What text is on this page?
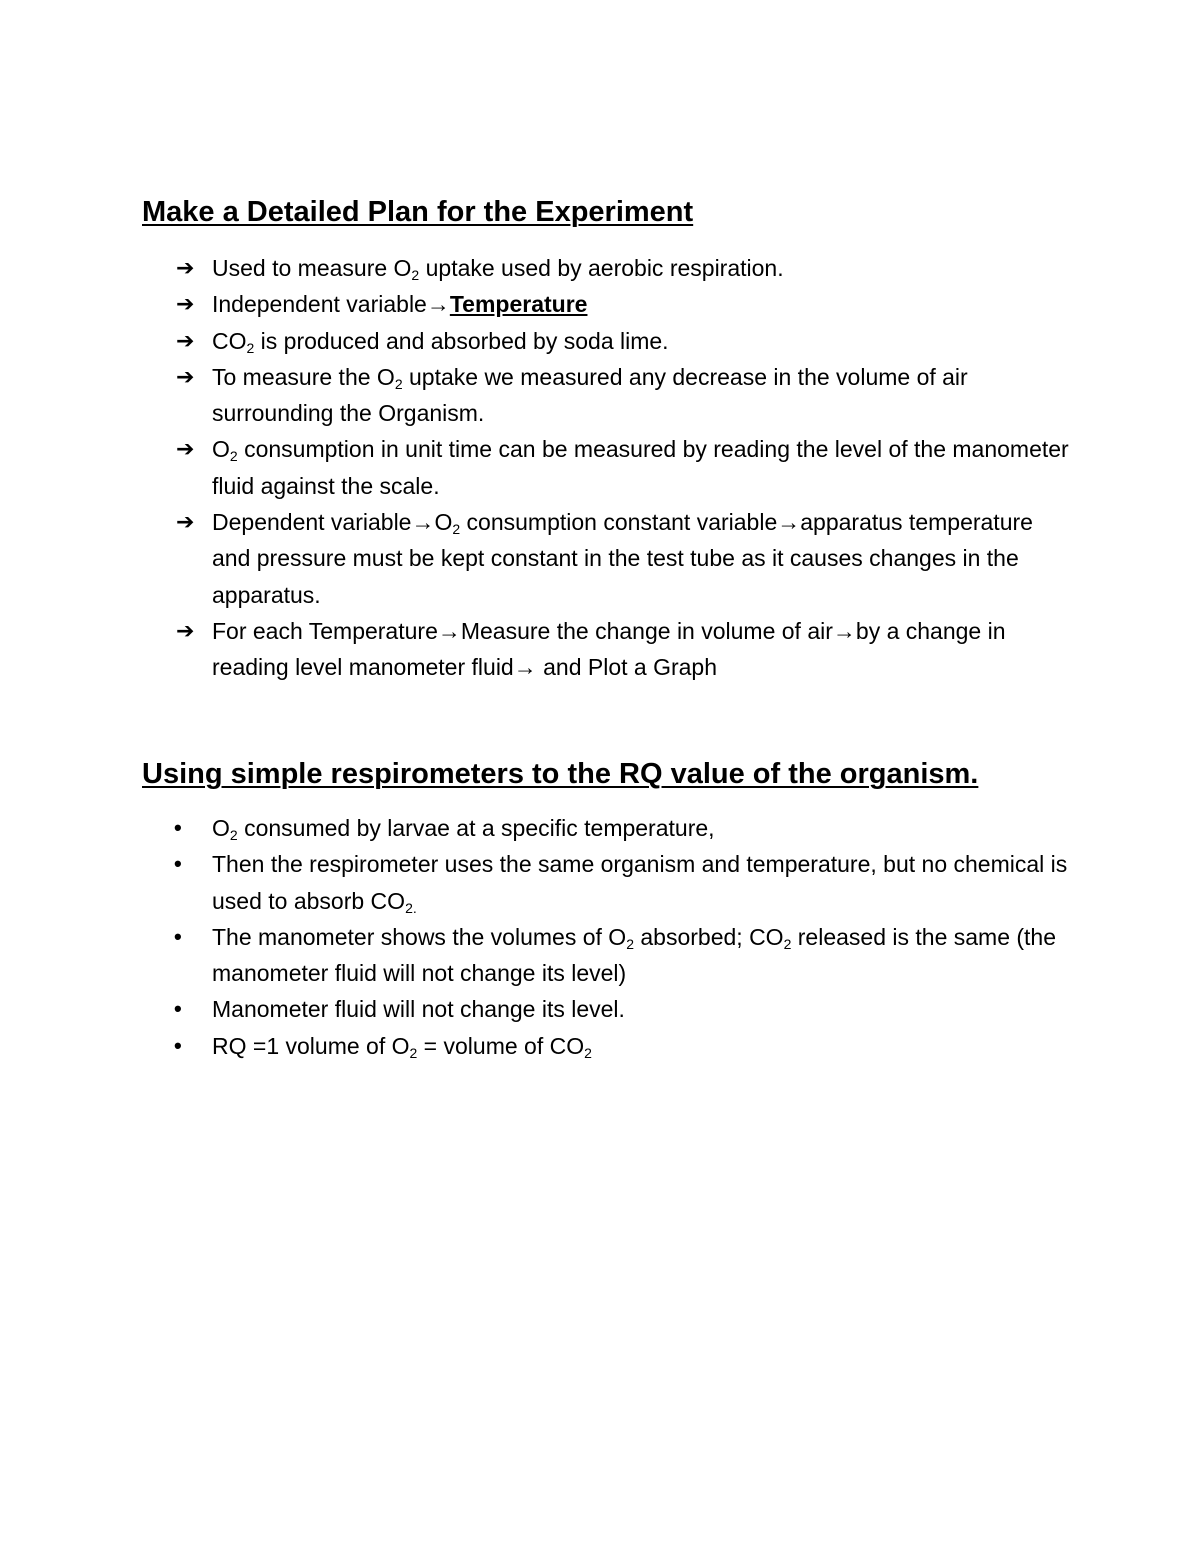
Make a Detailed Plan for the Experiment
➔ Used to measure $O_2$ uptake used by aerobic respiration.
➔ Independent variable→Temperature
➔ $CO_2$ is produced and absorbed by soda lime.
➔ To measure the $O_2$ uptake we measured any decrease in the volume of air surrounding the Organism.
➔ $O_2$ consumption in unit time can be measured by reading the level of the manometer fluid against the scale.
➔ Dependent $variable\to O_2$ consumption constant variable→apparatus temperature and pressure must be kept constant in the test tube as it causes changes in the apparatus.
➔ For each Temperature→Measure the change in volume of air→by a change in reading level manometer fluid→ and Plot a Graph
Using simple respirometers to the RQ value of the organism.
• $O_2$ consumed by larvae at a specific temperature,
• Then the respirometer uses the same organism and temperature, but no chemical is used to absorb $CO_{2.}$
• The manometer shows the volumes of $O_2$ absorbed; $CO_2$ released is the same (the manometer fluid will not change its level)
• Manometer fluid will not change its level.
• RQ =1 volume of $O_2$ = volume of $CO_2$
